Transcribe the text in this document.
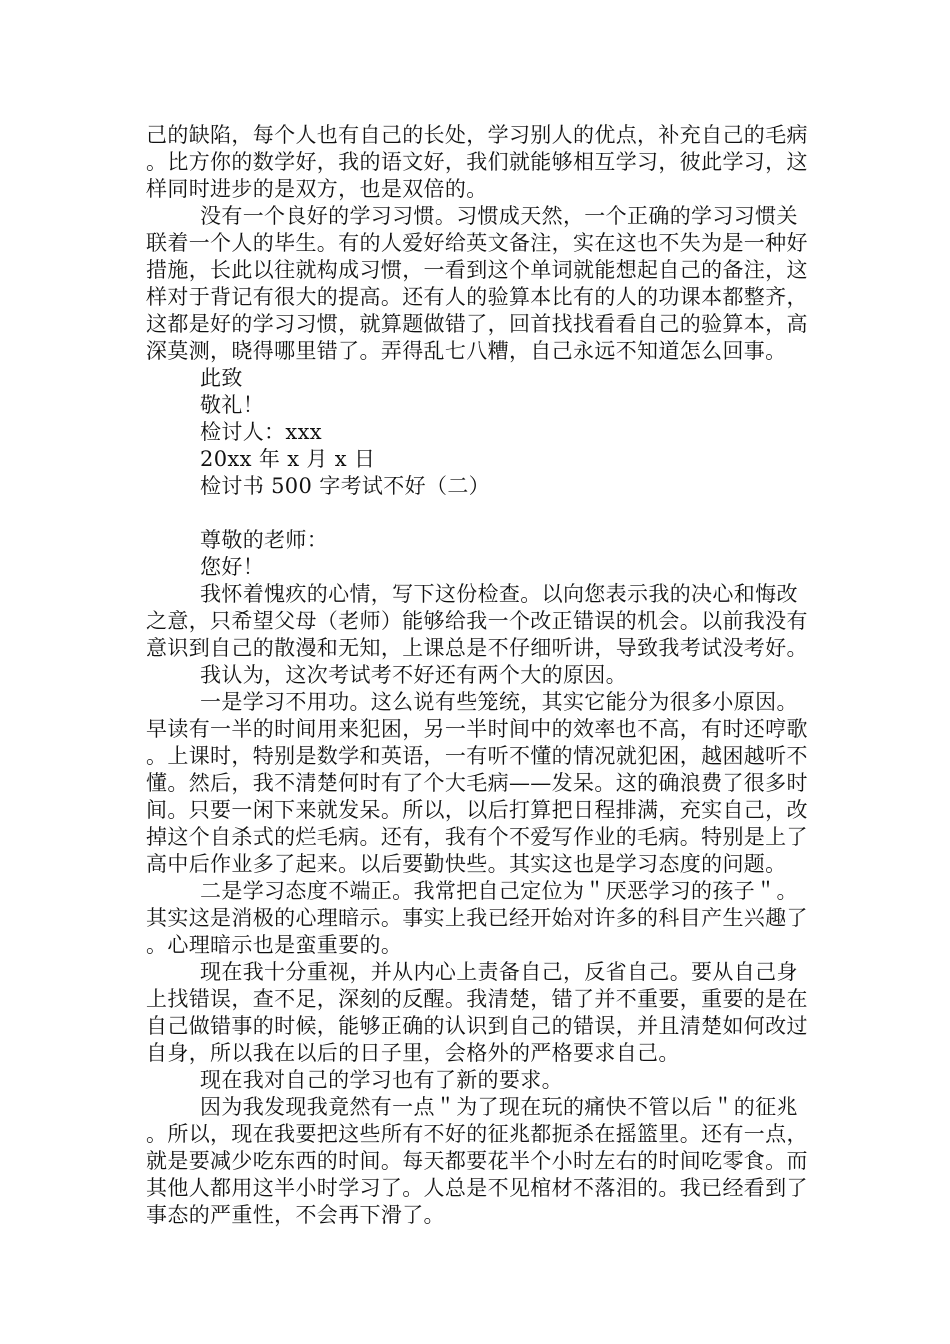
己的缺陷，每个人也有自己的长处，学习别人的优点，补充自己的毛病。比方你的数学好，我的语文好，我们就能够相互学习，彼此学习，这样同时进步的是双方，也是双倍的。

没有一个良好的学习习惯。习惯成天然，一个正确的学习习惯关联着一个人的毕生。有的人爱好给英文备注，实在这也不失为是一种好措施，长此以往就构成习惯，一看到这个单词就能想起自己的备注，这样对于背记有很大的提高。还有人的验算本比有的人的功课本都整齐，这都是好的学习习惯，就算题做错了，回首找找看看自己的验算本，高深莫测，晓得哪里错了。弄得乱七八糟，自己永远不知道怎么回事。

此致

敬礼！

检讨人：xxx

20xx 年 x 月 x 日

检讨书 500 字考试不好（二）

尊敬的老师：

您好！

我怀着愧疚的心情，写下这份检查。以向您表示我的决心和悔改之意，只希望父母（老师）能够给我一个改正错误的机会。以前我没有意识到自己的散漫和无知，上课总是不仔细听讲，导致我考试没考好。

我认为，这次考试考不好还有两个大的原因。

一是学习不用功。这么说有些笼统，其实它能分为很多小原因。早读有一半的时间用来犯困，另一半时间中的效率也不高，有时还哼歌。上课时，特别是数学和英语，一有听不懂的情况就犯困，越困越听不懂。然后，我不清楚何时有了个大毛病——发呆。这的确浪费了很多时间。只要一闲下来就发呆。所以，以后打算把日程排满，充实自己，改掉这个自杀式的烂毛病。还有，我有个不爱写作业的毛病。特别是上了高中后作业多了起来。以后要勤快些。其实这也是学习态度的问题。

二是学习态度不端正。我常把自己定位为＂厌恶学习的孩子＂。其实这是消极的心理暗示。事实上我已经开始对许多的科目产生兴趣了。心理暗示也是蛮重要的。

现在我十分重视，并从内心上责备自己，反省自己。要从自己身上找错误，查不足，深刻的反醒。我清楚，错了并不重要，重要的是在自己做错事的时候，能够正确的认识到自己的错误，并且清楚如何改过自身，所以我在以后的日子里，会格外的严格要求自己。

现在我对自己的学习也有了新的要求。

因为我发现我竟然有一点＂为了现在玩的痛快不管以后＂的征兆。所以，现在我要把这些所有不好的征兆都扼杀在摇篮里。还有一点，就是要减少吃东西的时间。每天都要花半个小时左右的时间吃零食。而其他人都用这半小时学习了。人总是不见棺材不落泪的。我已经看到了事态的严重性，不会再下滑了。
